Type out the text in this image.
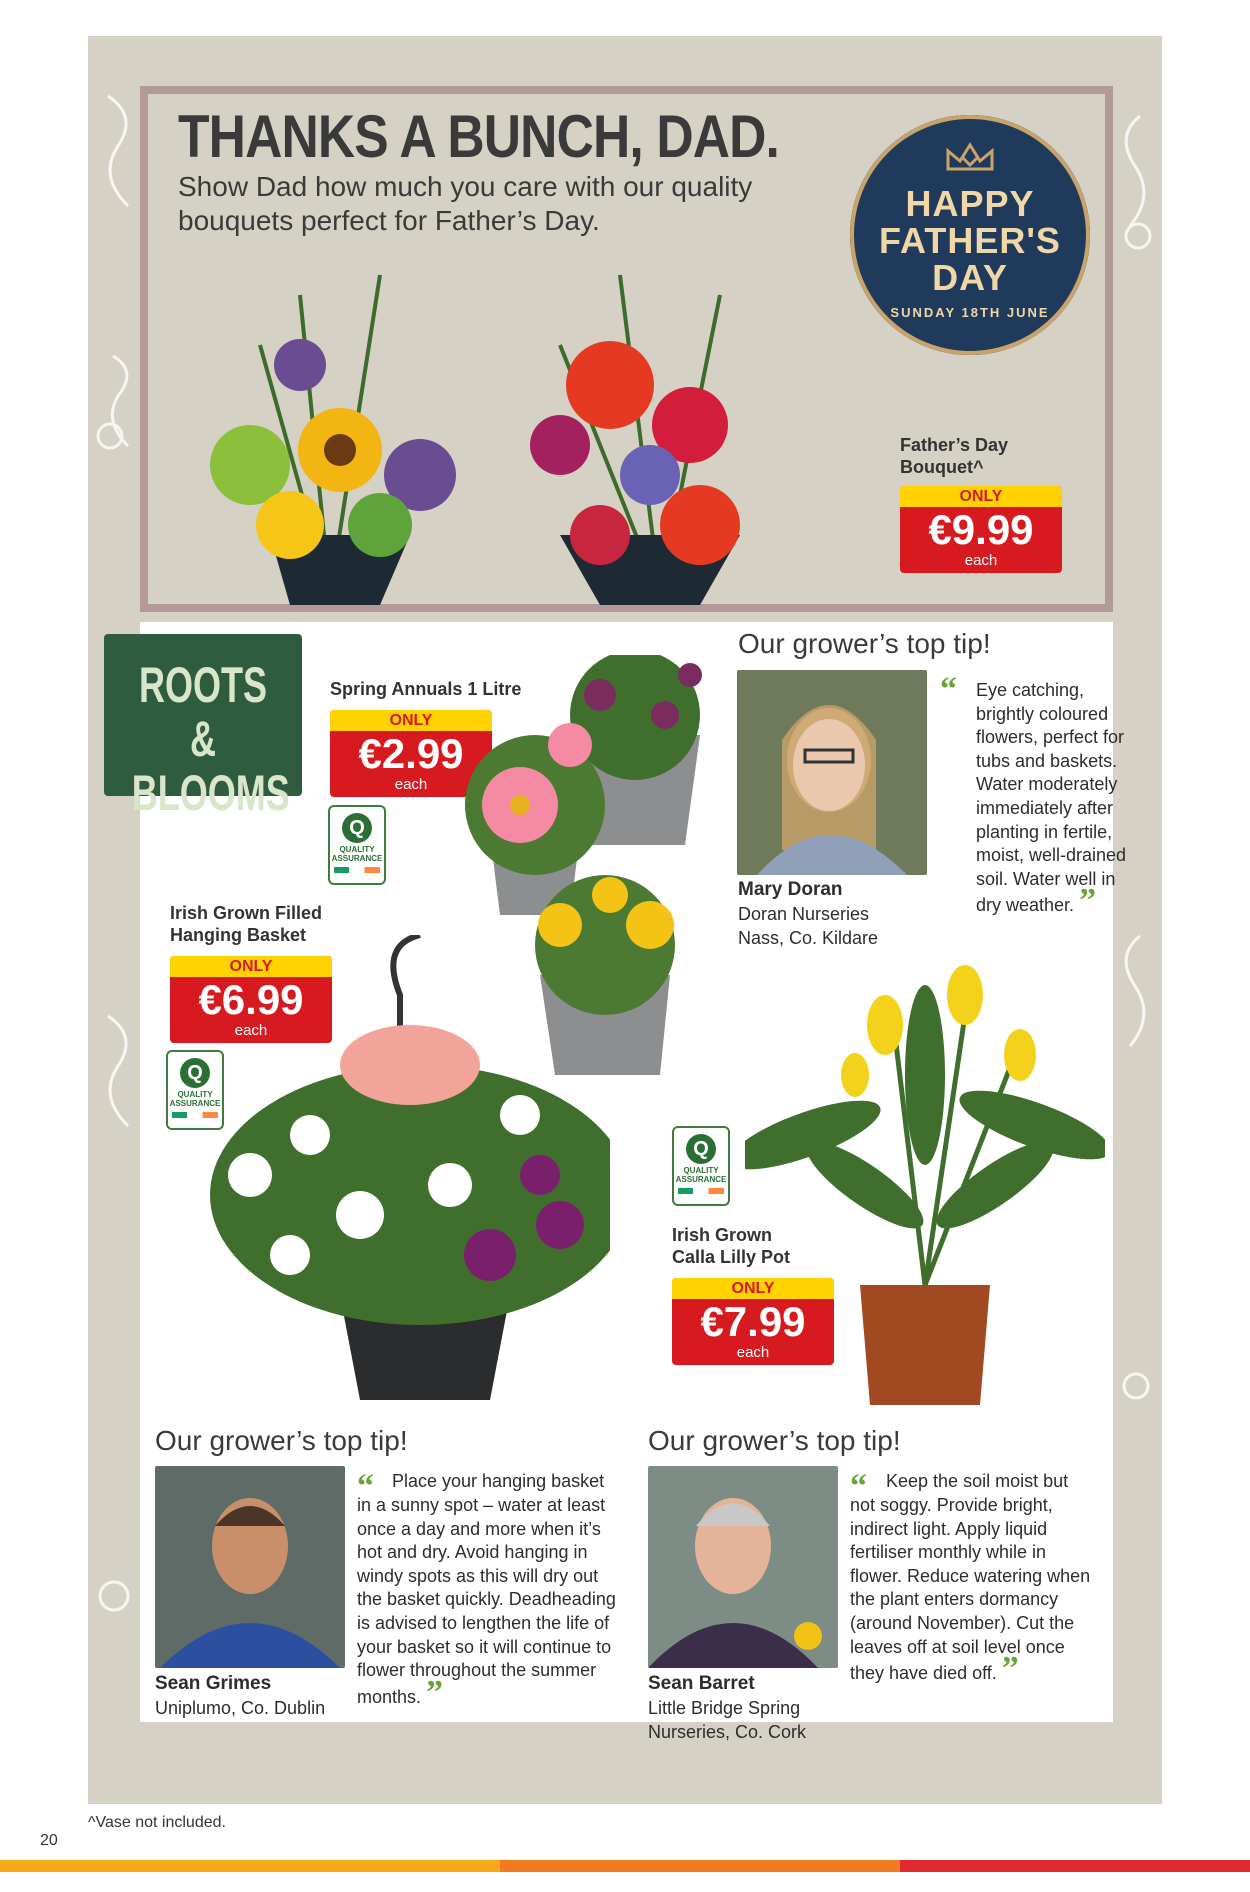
THANKS A BUNCH, DAD.
Show Dad how much you care with our quality bouquets perfect for Father’s Day.	HAPPY
FATHER'S
DAY
SUNDAY 18TH JUNE
Father’s Day
Bouquet^
ONLY
€9.99
each
ROOTS &
BLOOMS
Spring Annuals 1 Litre
ONLY
€2.99
each
Q
QUALITY
ASSURANCE
Our grower’s top tip!
“ Eye catching,
brightly coloured
flowers, perfect for
tubs and baskets.
Water moderately
immediately after
planting in fertile,
moist, well-drained
soil. Water well in
dry weather. ”
Mary Doran
Doran Nurseries
Nass, Co. Kildare
Irish Grown Filled
Hanging Basket
ONLY
€6.99
each
Q
QUALITY
ASSURANCE
Q
QUALITY
ASSURANCE
Irish Grown
Calla Lilly Pot
ONLY
€7.99
each
Our grower’s top tip!
“ Place your hanging basket
in a sunny spot – water at least
once a day and more when it’s
hot and dry. Avoid hanging in
windy spots as this will dry out
the basket quickly. Deadheading
is advised to lengthen the life of
your basket so it will continue to
flower throughout the summer
months. ”
Sean Grimes
Uniplumo, Co. Dublin
Our grower’s top tip!
“ Keep the soil moist but
not soggy. Provide bright,
indirect light. Apply liquid
fertiliser monthly while in
flower. Reduce watering when
the plant enters dormancy
(around November). Cut the
leaves off at soil level once
they have died off. ”
Sean Barret
Little Bridge Spring
Nurseries, Co. Cork
^Vase not included.
20
